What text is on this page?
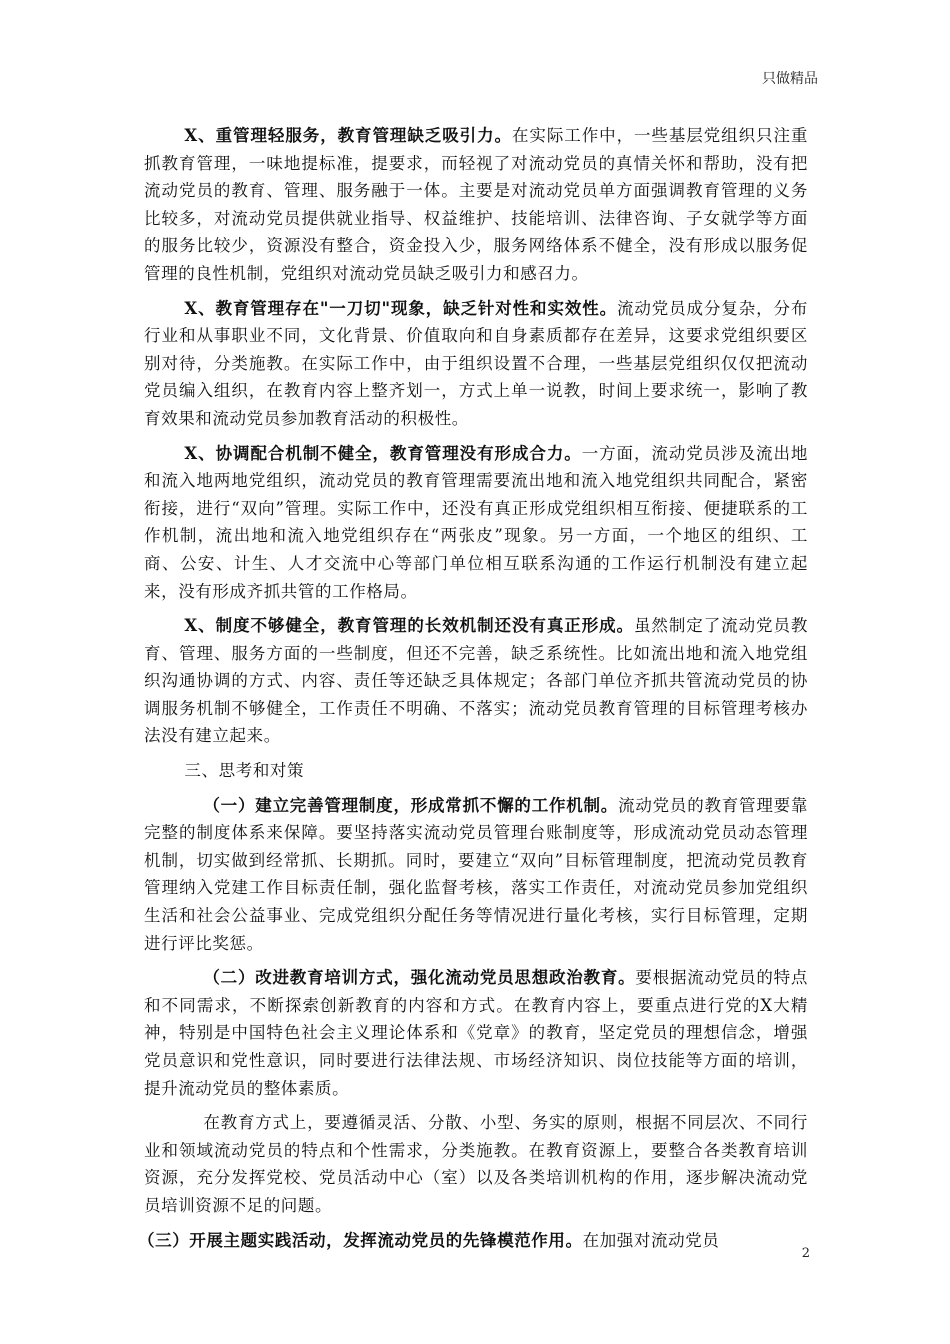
只做精品

X、重管理轻服务，教育管理缺乏吸引力。在实际工作中，一些基层党组织只注重抓教育管理，一味地提标准，提要求，而轻视了对流动党员的真情关怀和帮助，没有把流动党员的教育、管理、服务融于一体。主要是对流动党员单方面强调教育管理的义务比较多，对流动党员提供就业指导、权益维护、技能培训、法律咨询、子女就学等方面的服务比较少，资源没有整合，资金投入少，服务网络体系不健全，没有形成以服务促管理的良性机制，党组织对流动党员缺乏吸引力和感召力。

X、教育管理存在"一刀切"现象，缺乏针对性和实效性。流动党员成分复杂，分布行业和从事职业不同，文化背景、价值取向和自身素质都存在差异，这要求党组织要区别对待，分类施教。在实际工作中，由于组织设置不合理，一些基层党组织仅仅把流动党员编入组织，在教育内容上整齐划一，方式上单一说教，时间上要求统一，影响了教育效果和流动党员参加教育活动的积极性。

X、协调配合机制不健全，教育管理没有形成合力。一方面，流动党员涉及流出地和流入地两地党组织，流动党员的教育管理需要流出地和流入地党组织共同配合，紧密衔接，进行“双向”管理。实际工作中，还没有真正形成党组织相互衔接、便捷联系的工作机制，流出地和流入地党组织存在“两张皮”现象。另一方面，一个地区的组织、工商、公安、计生、人才交流中心等部门单位相互联系沟通的工作运行机制没有建立起来，没有形成齐抓共管的工作格局。

X、制度不够健全，教育管理的长效机制还没有真正形成。虽然制定了流动党员教育、管理、服务方面的一些制度，但还不完善，缺乏系统性。比如流出地和流入地党组织沟通协调的方式、内容、责任等还缺乏具体规定；各部门单位齐抓共管流动党员的协调服务机制不够健全，工作责任不明确、不落实；流动党员教育管理的目标管理考核办法没有建立起来。

三、思考和对策

（一）建立完善管理制度，形成常抓不懈的工作机制。流动党员的教育管理要靠完整的制度体系来保障。要坚持落实流动党员管理台账制度等，形成流动党员动态管理机制，切实做到经常抓、长期抓。同时，要建立“双向”目标管理制度，把流动党员教育管理纳入党建工作目标责任制，强化监督考核，落实工作责任，对流动党员参加党组织生活和社会公益事业、完成党组织分配任务等情况进行量化考核，实行目标管理，定期进行评比奖惩。

（二）改进教育培训方式，强化流动党员思想政治教育。要根据流动党员的特点和不同需求，不断探索创新教育的内容和方式。在教育内容上，要重点进行党的X大精神，特别是中国特色社会主义理论体系和《党章》的教育，坚定党员的理想信念，增强党员意识和党性意识，同时要进行法律法规、市场经济知识、岗位技能等方面的培训，提升流动党员的整体素质。

在教育方式上，要遵循灵活、分散、小型、务实的原则，根据不同层次、不同行业和领域流动党员的特点和个性需求，分类施教。在教育资源上，要整合各类教育培训资源，充分发挥党校、党员活动中心（室）以及各类培训机构的作用，逐步解决流动党员培训资源不足的问题。

（三）开展主题实践活动，发挥流动党员的先锋模范作用。在加强对流动党员

2
